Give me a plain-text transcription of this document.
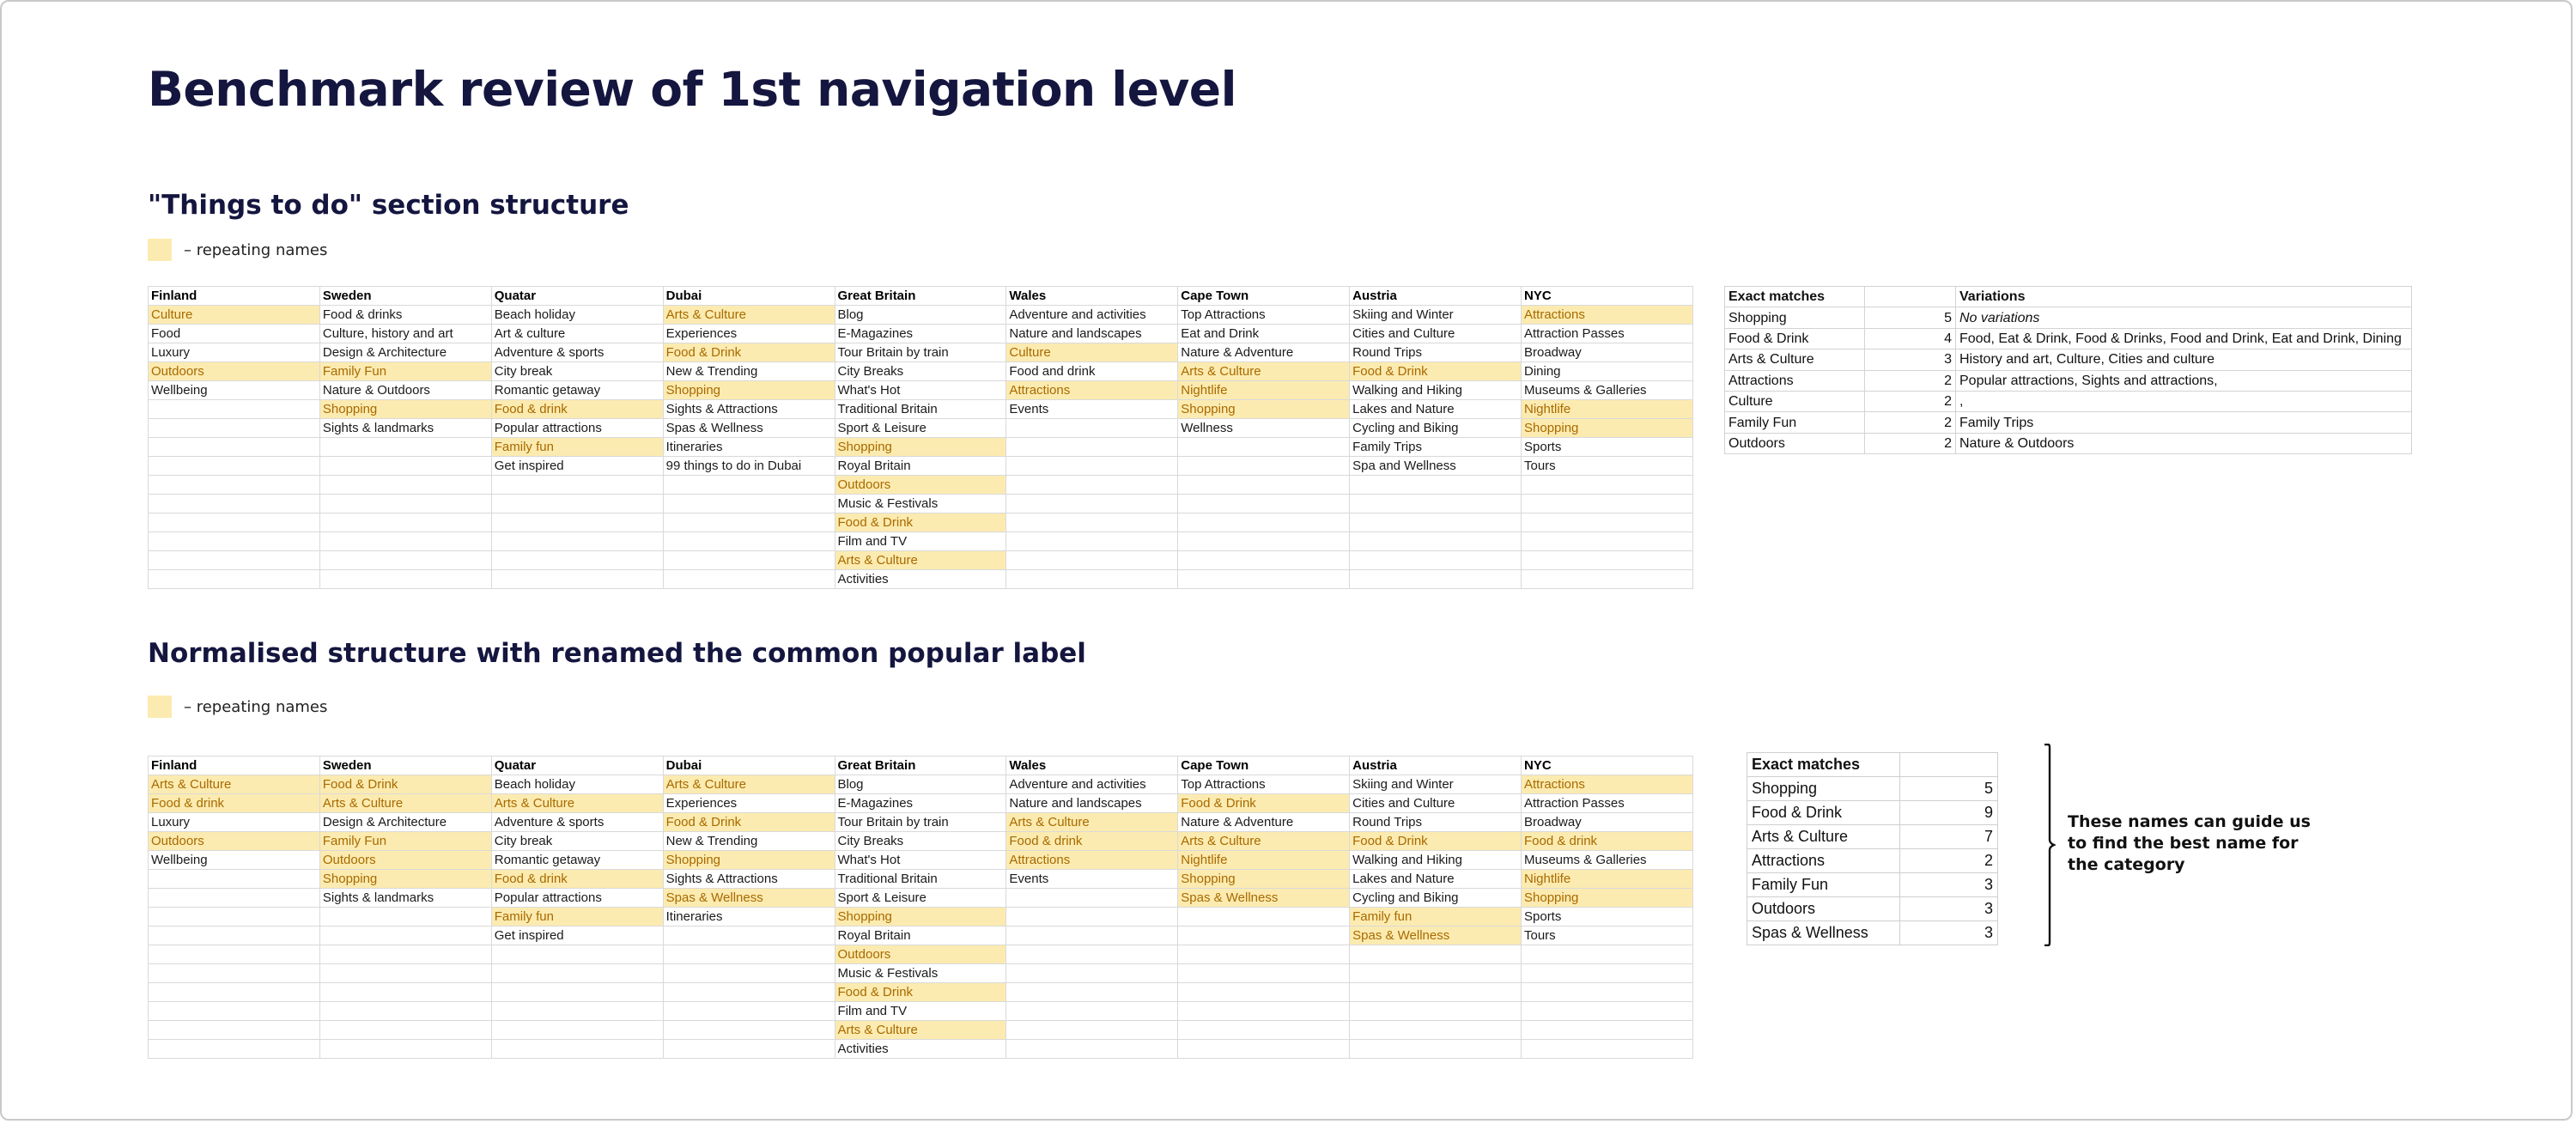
Benchmark review of 1st navigation level
"Things to do" section structure
– repeating names
Finland	Sweden	Quatar	Dubai	Great Britain	Wales	Cape Town	Austria	NYC
Culture	Food & drinks	Beach holiday	Arts & Culture	Blog	Adventure and activities	Top Attractions	Skiing and Winter	Attractions
Food	Culture, history and art	Art & culture	Experiences	E-Magazines	Nature and landscapes	Eat and Drink	Cities and Culture	Attraction Passes
Luxury	Design & Architecture	Adventure & sports	Food & Drink	Tour Britain by train	Culture	Nature & Adventure	Round Trips	Broadway
Outdoors	Family Fun	City break	New & Trending	City Breaks	Food and drink	Arts & Culture	Food & Drink	Dining
Wellbeing	Nature & Outdoors	Romantic getaway	Shopping	What's Hot	Attractions	Nightlife	Walking and Hiking	Museums & Galleries
	Shopping	Food & drink	Sights & Attractions	Traditional Britain	Events	Shopping	Lakes and Nature	Nightlife
	Sights & landmarks	Popular attractions	Spas & Wellness	Sport & Leisure		Wellness	Cycling and Biking	Shopping
		Family fun	Itineraries	Shopping			Family Trips	Sports
		Get inspired	99 things to do in Dubai	Royal Britain			Spa and Wellness	Tours
				Outdoors				
				Music & Festivals				
				Food & Drink				
				Film and TV				
				Arts & Culture				
				Activities				
Exact matches		Variations
Shopping	5	No variations
Food & Drink	4	Food, Eat & Drink, Food & Drinks, Food and Drink, Eat and Drink, Dining
Arts & Culture	3	History and art, Culture, Cities and culture
Attractions	2	Popular attractions, Sights and attractions,
Culture	2	,
Family Fun	2	Family Trips
Outdoors	2	Nature & Outdoors
Normalised structure with renamed the common popular label
– repeating names
Finland	Sweden	Quatar	Dubai	Great Britain	Wales	Cape Town	Austria	NYC
Arts & Culture	Food & Drink	Beach holiday	Arts & Culture	Blog	Adventure and activities	Top Attractions	Skiing and Winter	Attractions
Food & drink	Arts & Culture	Arts & Culture	Experiences	E-Magazines	Nature and landscapes	Food & Drink	Cities and Culture	Attraction Passes
Luxury	Design & Architecture	Adventure & sports	Food & Drink	Tour Britain by train	Arts & Culture	Nature & Adventure	Round Trips	Broadway
Outdoors	Family Fun	City break	New & Trending	City Breaks	Food & drink	Arts & Culture	Food & Drink	Food & drink
Wellbeing	Outdoors	Romantic getaway	Shopping	What's Hot	Attractions	Nightlife	Walking and Hiking	Museums & Galleries
	Shopping	Food & drink	Sights & Attractions	Traditional Britain	Events	Shopping	Lakes and Nature	Nightlife
	Sights & landmarks	Popular attractions	Spas & Wellness	Sport & Leisure		Spas & Wellness	Cycling and Biking	Shopping
		Family fun	Itineraries	Shopping			Family fun	Sports
		Get inspired		Royal Britain			Spas & Wellness	Tours
				Outdoors				
				Music & Festivals				
				Food & Drink				
				Film and TV				
				Arts & Culture				
				Activities				
Exact matches	
Shopping	5
Food & Drink	9
Arts & Culture	7
Attractions	2
Family Fun	3
Outdoors	3
Spas & Wellness	3
These names can guide us to find the best name for the category
